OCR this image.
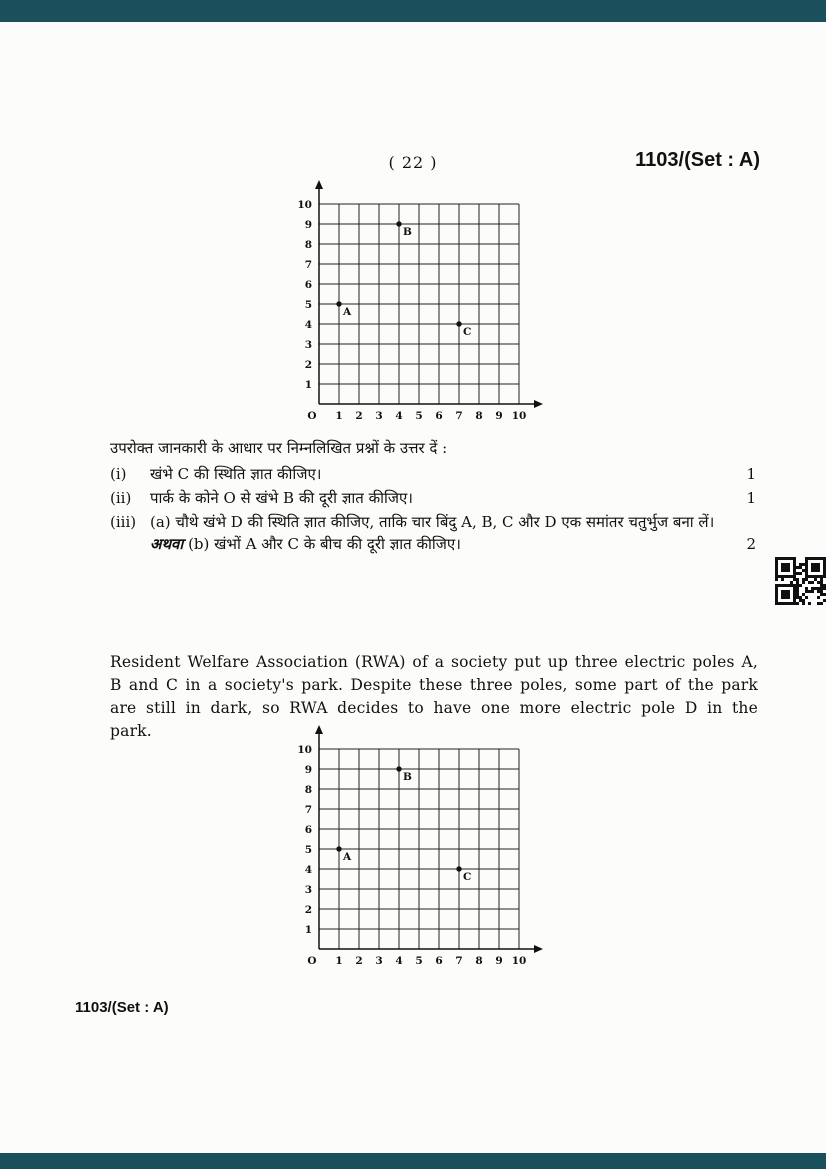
( 22 )	1103/(Set : A)
1
2
3
4
5
6
7
8
9
10
O 1 2 3 4 5 6 7 8 9 10
A
B
C
उपरोक्त जानकारी के आधार पर निम्नलिखित प्रश्नों के उत्तर दें :
(i)	खंभे C की स्थिति ज्ञात कीजिए।	1
(ii)	पार्क के कोने O से खंभे B की दूरी ज्ञात कीजिए।	1
(iii) (a) चौथे खंभे D की स्थिति ज्ञात कीजिए, ताकि चार बिंदु A, B, C और D एक समांतर चतुर्भुज बना लें। अथवा (b) खंभों A और C के बीच की दूरी ज्ञात कीजिए।	2
Resident Welfare Association (RWA) of a society put up three electric poles A, B and C in a society's park. Despite these three poles, some part of the park are still in dark, so RWA decides to have one more electric pole D in the park.
1
2
3
4
5
6
7
8
9
10
O 1 2 3 4 5 6 7 8 9 10
A
B
C
1103/(Set : A)
